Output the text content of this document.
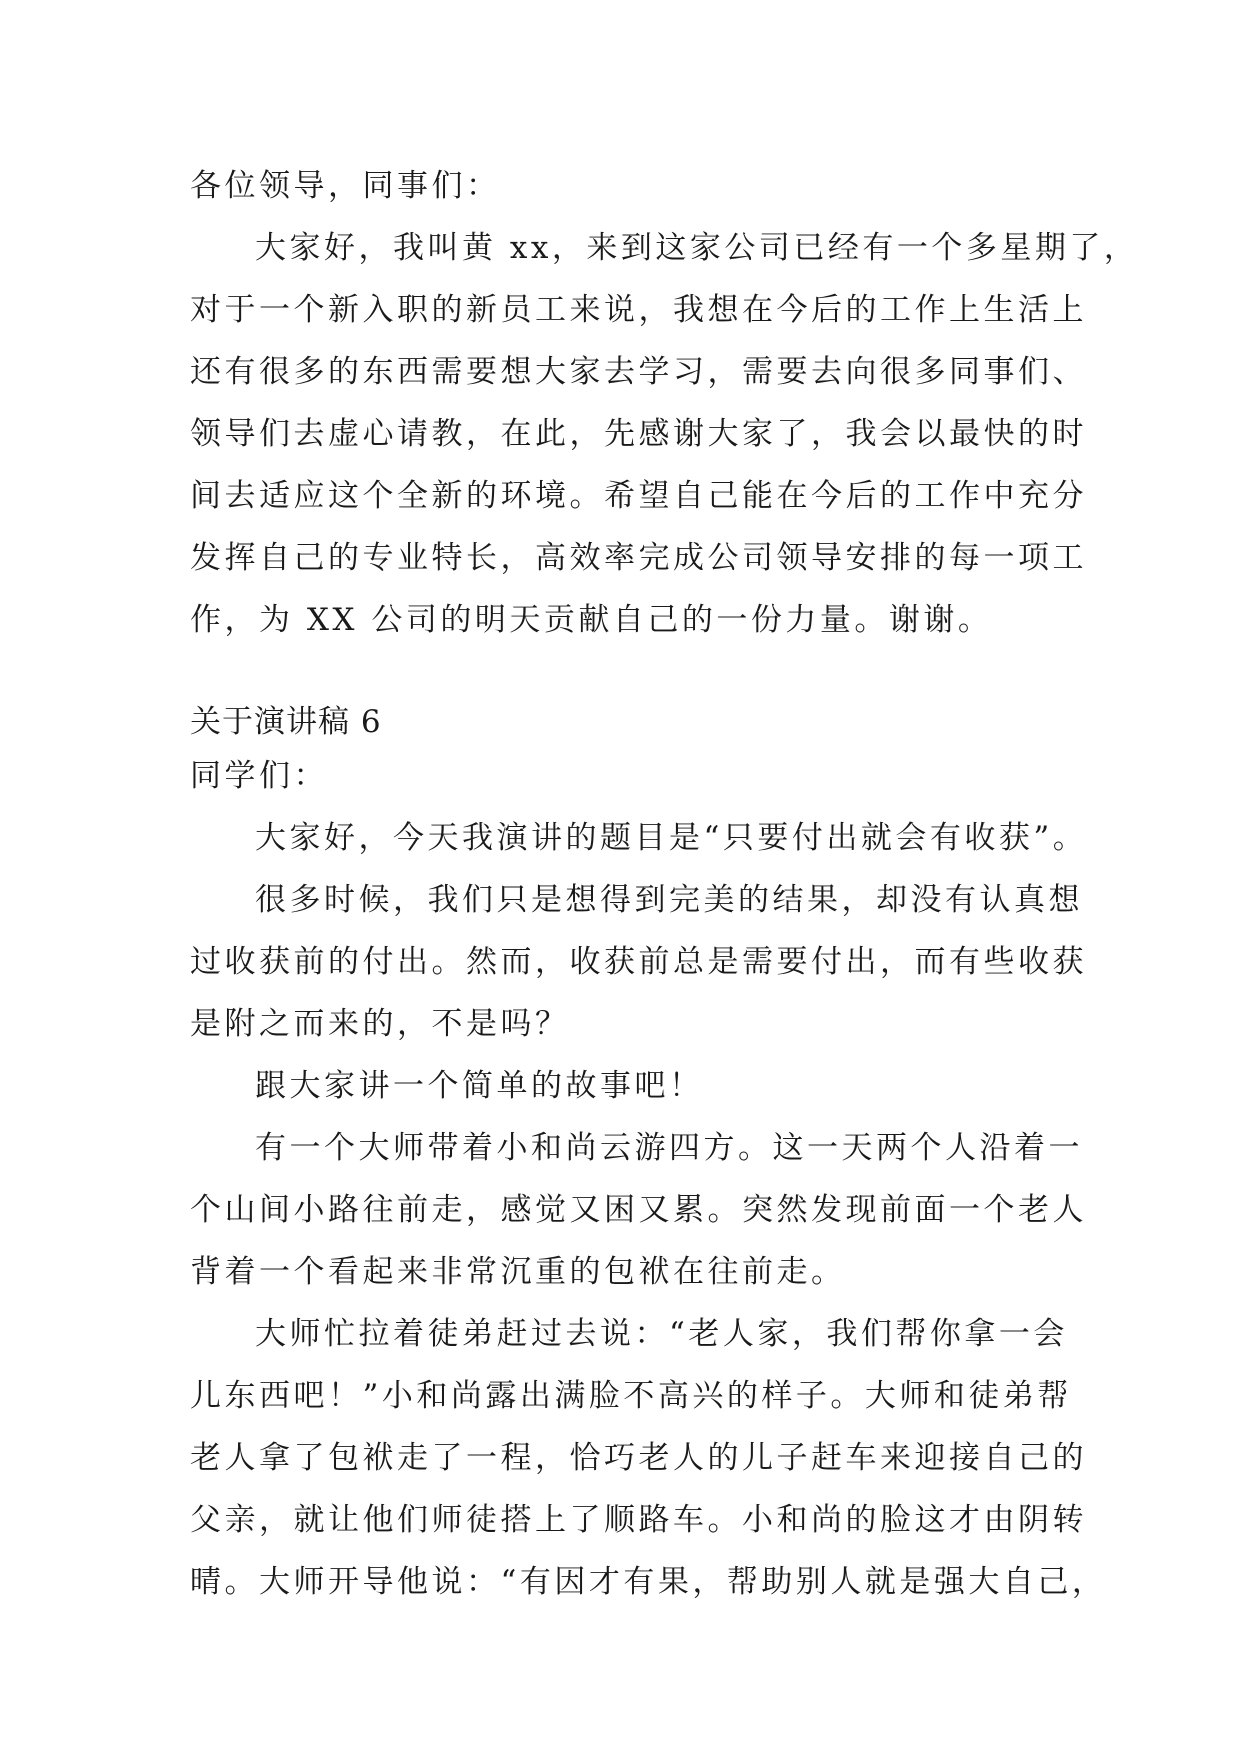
各位领导，同事们：
大家好，我叫黄 xx，来到这家公司已经有一个多星期了，
对于一个新入职的新员工来说，我想在今后的工作上生活上
还有很多的东西需要想大家去学习，需要去向很多同事们、
领导们去虚心请教，在此，先感谢大家了，我会以最快的时
间去适应这个全新的环境。希望自己能在今后的工作中充分
发挥自己的专业特长，高效率完成公司领导安排的每一项工
作，为 XX 公司的明天贡献自己的一份力量。谢谢。
关于演讲稿 6
同学们：
大家好，今天我演讲的题目是“只要付出就会有收获”。
很多时候，我们只是想得到完美的结果，却没有认真想
过收获前的付出。然而，收获前总是需要付出，而有些收获
是附之而来的，不是吗？
跟大家讲一个简单的故事吧！
有一个大师带着小和尚云游四方。这一天两个人沿着一
个山间小路往前走，感觉又困又累。突然发现前面一个老人
背着一个看起来非常沉重的包袱在往前走。
大师忙拉着徒弟赶过去说：“老人家，我们帮你拿一会
儿东西吧！”小和尚露出满脸不高兴的样子。大师和徒弟帮
老人拿了包袱走了一程，恰巧老人的儿子赶车来迎接自己的
父亲，就让他们师徒搭上了顺路车。小和尚的脸这才由阴转
晴。大师开导他说：“有因才有果，帮助别人就是强大自己，
